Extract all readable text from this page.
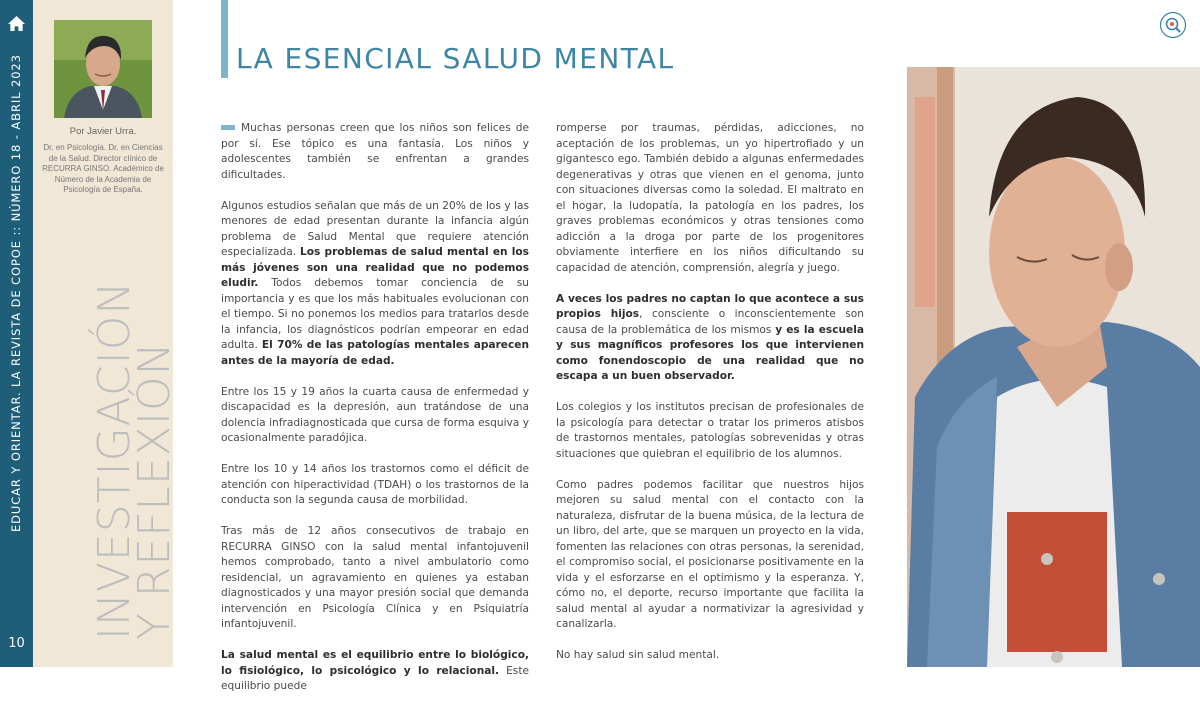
EDUCAR Y ORIENTAR. LA REVISTA DE COPOE :: NÚMERO 18 - ABRIL 2023
10
Por Javier Urra.
Dr. en Psicología. Dr. en Ciencias de la Salud. Director clínico de RECURRA GINSO. Académico de Número de la Academia de Psicología de España.
INVESTIGACIÓN
Y REFLEXIÓN
LA ESENCIAL SALUD MENTAL

Muchas personas creen que los niños son felices de por sí. Ese tópico es una fantasía. Los niños y adolescentes también se enfrentan a grandes dificultades.

Algunos estudios señalan que más de un 20% de los y las menores de edad presentan durante la infancia algún problema de Salud Mental que requiere atención especializada. Los problemas de salud mental en los más jóvenes son una realidad que no podemos eludir. Todos debemos tomar conciencia de su importancia y es que los más habituales evolucionan con el tiempo. Si no ponemos los medios para tratarlos desde la infancia, los diagnósticos podrían empeorar en edad adulta. El 70% de las patologías mentales aparecen antes de la mayoría de edad.

Entre los 15 y 19 años la cuarta causa de enfermedad y discapacidad es la depresión, aun tratándose de una dolencia infradiagnosticada que cursa de forma esquiva y ocasionalmente paradójica.

Entre los 10 y 14 años los trastornos como el déficit de atención con hiperactividad (TDAH) o los trastornos de la conducta son la segunda causa de morbilidad.

Tras más de 12 años consecutivos de trabajo en RECURRA GINSO con la salud mental infantojuvenil hemos comprobado, tanto a nivel ambulatorio como residencial, un agravamiento en quienes ya estaban diagnosticados y una mayor presión social que demanda intervención en Psicología Clínica y en Psiquiatría infantojuvenil.

La salud mental es el equilibrio entre lo biológico, lo fisiológico, lo psicológico y lo relacional. Este equilibrio puede

romperse por traumas, pérdidas, adicciones, no aceptación de los problemas, un yo hipertrofiado y un gigantesco ego. También debido a algunas enfermedades degenerativas y otras que vienen en el genoma, junto con situaciones diversas como la soledad. El maltrato en el hogar, la ludopatía, la patología en los padres, los graves problemas económicos y otras tensiones como adicción a la droga por parte de los progenitores obviamente interfiere en los niños dificultando su capacidad de atención, comprensión, alegría y juego.

A veces los padres no captan lo que acontece a sus propios hijos, consciente o inconscientemente son causa de la problemática de los mismos y es la escuela y sus magníficos profesores los que intervienen como fonendoscopio de una realidad que no escapa a un buen observador.

Los colegios y los institutos precisan de profesionales de la psicología para detectar o tratar los primeros atisbos de trastornos mentales, patologías sobrevenidas y otras situaciones que quiebran el equilibrio de los alumnos.

Como padres podemos facilitar que nuestros hijos mejoren su salud mental con el contacto con la naturaleza, disfrutar de la buena música, de la lectura de un libro, del arte, que se marquen un proyecto en la vida, fomenten las relaciones con otras personas, la serenidad, el compromiso social, el posicionarse positivamente en la vida y el esforzarse en el optimismo y la esperanza. Y, cómo no, el deporte, recurso importante que facilita la salud mental al ayudar a normativizar la agresividad y canalizarla.

No hay salud sin salud mental.
